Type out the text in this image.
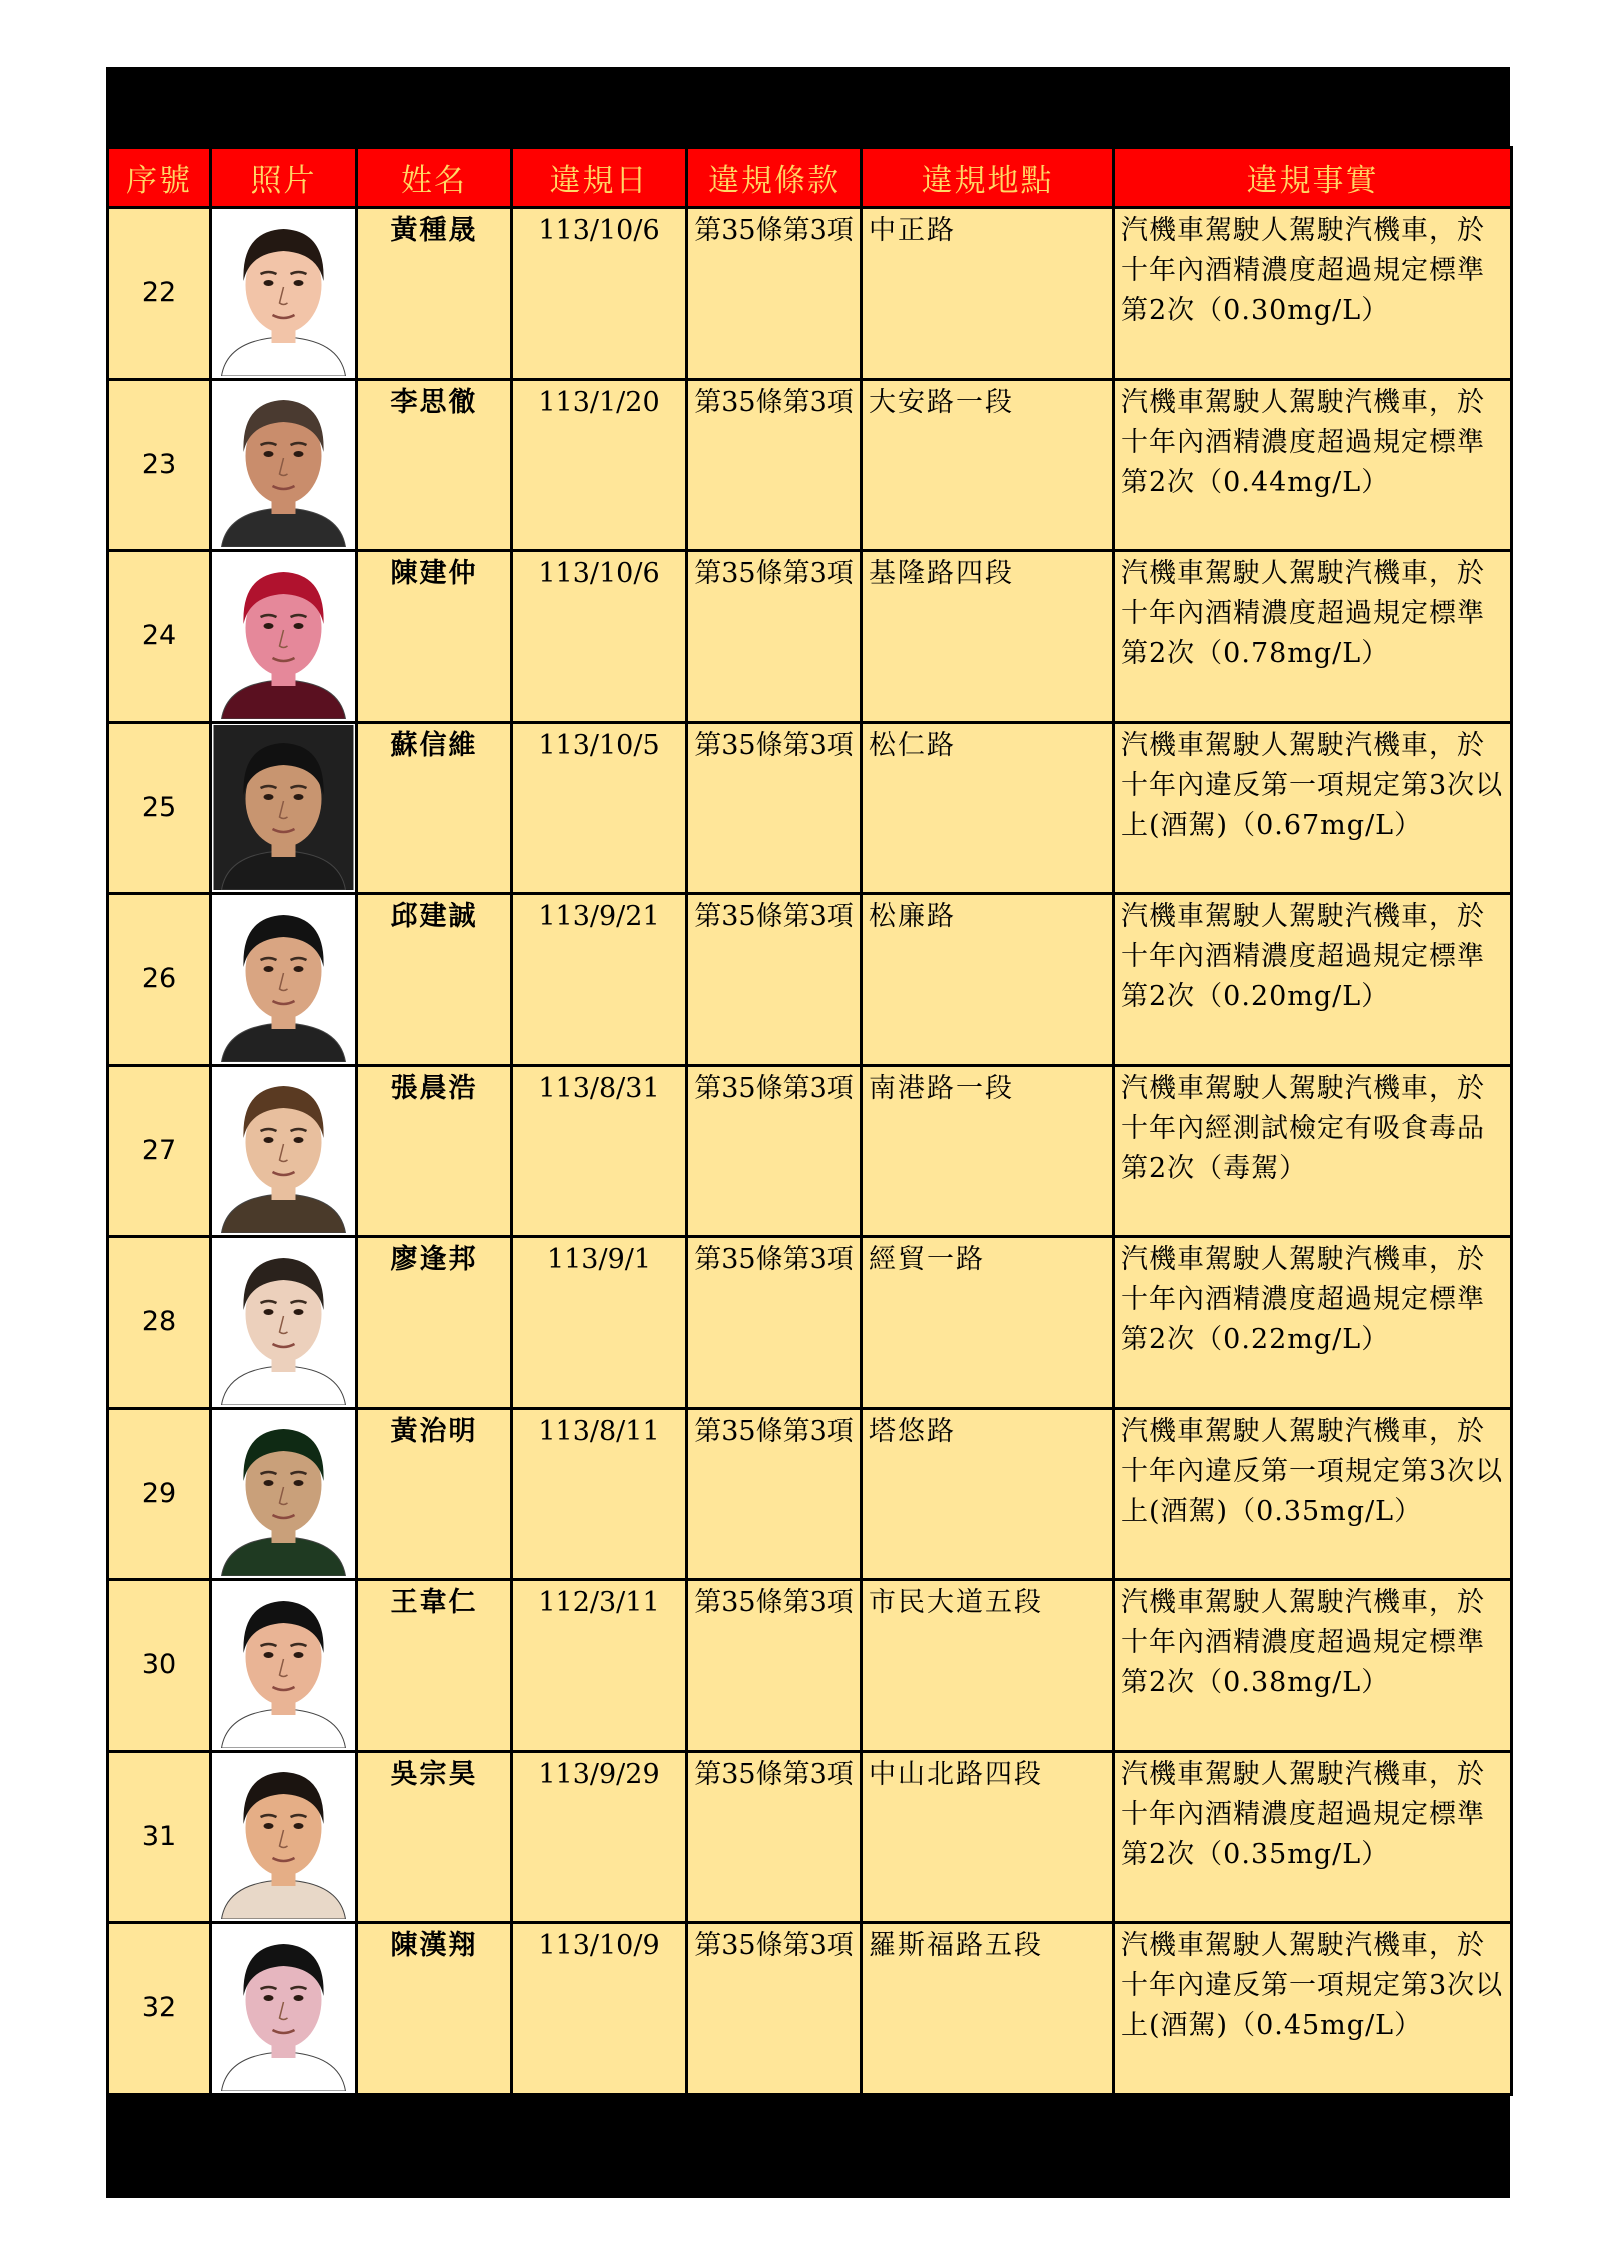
序號	照片	姓名	違規日	違規條款	違規地點	違規事實
22		黃種晟	113/10/6	第35條第3項	中正路	汽機車駕駛人駕駛汽機車，於十年內酒精濃度超過規定標準第2次（0.30mg/L）
23		李思徹	113/1/20	第35條第3項	大安路一段	汽機車駕駛人駕駛汽機車，於十年內酒精濃度超過規定標準第2次（0.44mg/L）
24		陳建仲	113/10/6	第35條第3項	基隆路四段	汽機車駕駛人駕駛汽機車，於十年內酒精濃度超過規定標準第2次（0.78mg/L）
25		蘇信維	113/10/5	第35條第3項	松仁路	汽機車駕駛人駕駛汽機車，於十年內違反第一項規定第3次以上(酒駕)（0.67mg/L）
26		邱建誠	113/9/21	第35條第3項	松廉路	汽機車駕駛人駕駛汽機車，於十年內酒精濃度超過規定標準第2次（0.20mg/L）
27		張晨浩	113/8/31	第35條第3項	南港路一段	汽機車駕駛人駕駛汽機車，於十年內經測試檢定有吸食毒品第2次（毒駕）
28		廖逢邦	113/9/1	第35條第3項	經貿一路	汽機車駕駛人駕駛汽機車，於十年內酒精濃度超過規定標準第2次（0.22mg/L）
29		黃治明	113/8/11	第35條第3項	塔悠路	汽機車駕駛人駕駛汽機車，於十年內違反第一項規定第3次以上(酒駕)（0.35mg/L）
30		王韋仁	112/3/11	第35條第3項	市民大道五段	汽機車駕駛人駕駛汽機車，於十年內酒精濃度超過規定標準第2次（0.38mg/L）
31		吳宗昊	113/9/29	第35條第3項	中山北路四段	汽機車駕駛人駕駛汽機車，於十年內酒精濃度超過規定標準第2次（0.35mg/L）
32		陳漢翔	113/10/9	第35條第3項	羅斯福路五段	汽機車駕駛人駕駛汽機車，於十年內違反第一項規定第3次以上(酒駕)（0.45mg/L）
